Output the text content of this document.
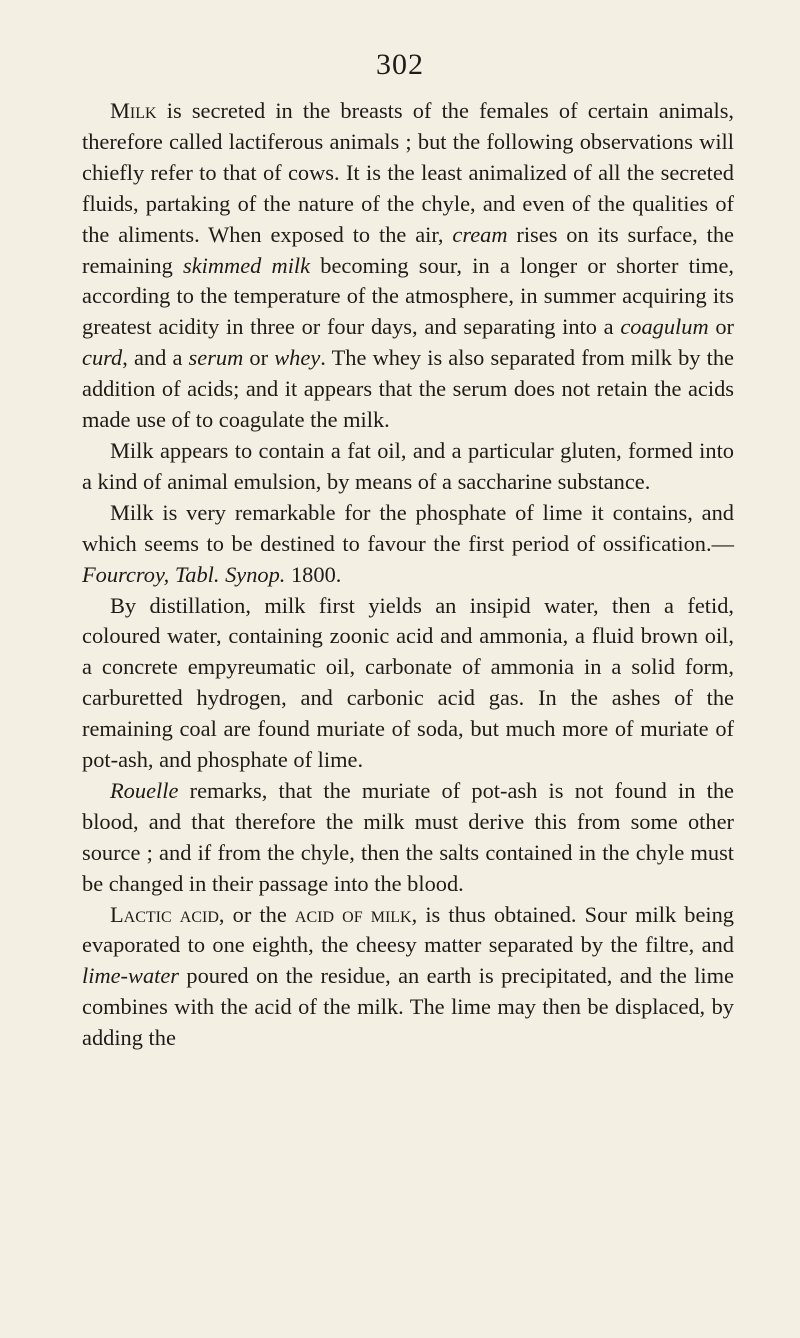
302

Milk is secreted in the breasts of the females of certain animals, therefore called lactiferous animals ; but the following observations will chiefly refer to that of cows. It is the least animalized of all the secreted fluids, partaking of the nature of the chyle, and even of the qualities of the aliments. When exposed to the air, cream rises on its surface, the remaining skimmed milk becoming sour, in a longer or shorter time, according to the temperature of the atmosphere, in summer acquiring its greatest acidity in three or four days, and separating into a coagulum or curd, and a serum or whey. The whey is also separated from milk by the addition of acids; and it appears that the serum does not retain the acids made use of to coagulate the milk.

Milk appears to contain a fat oil, and a particular gluten, formed into a kind of animal emulsion, by means of a saccharine substance.

Milk is very remarkable for the phosphate of lime it contains, and which seems to be destined to favour the first period of ossification.—Fourcroy, Tabl. Synop. 1800.

By distillation, milk first yields an insipid water, then a fetid, coloured water, containing zoonic acid and ammonia, a fluid brown oil, a concrete empyreumatic oil, carbonate of ammonia in a solid form, carburetted hydrogen, and carbonic acid gas. In the ashes of the remaining coal are found muriate of soda, but much more of muriate of pot-ash, and phosphate of lime.

Rouelle remarks, that the muriate of pot-ash is not found in the blood, and that therefore the milk must derive this from some other source ; and if from the chyle, then the salts contained in the chyle must be changed in their passage into the blood.

Lactic acid, or the acid of milk, is thus obtained. Sour milk being evaporated to one eighth, the cheesy matter separated by the filtre, and lime-water poured on the residue, an earth is precipitated, and the lime combines with the acid of the milk. The lime may then be displaced, by adding the
